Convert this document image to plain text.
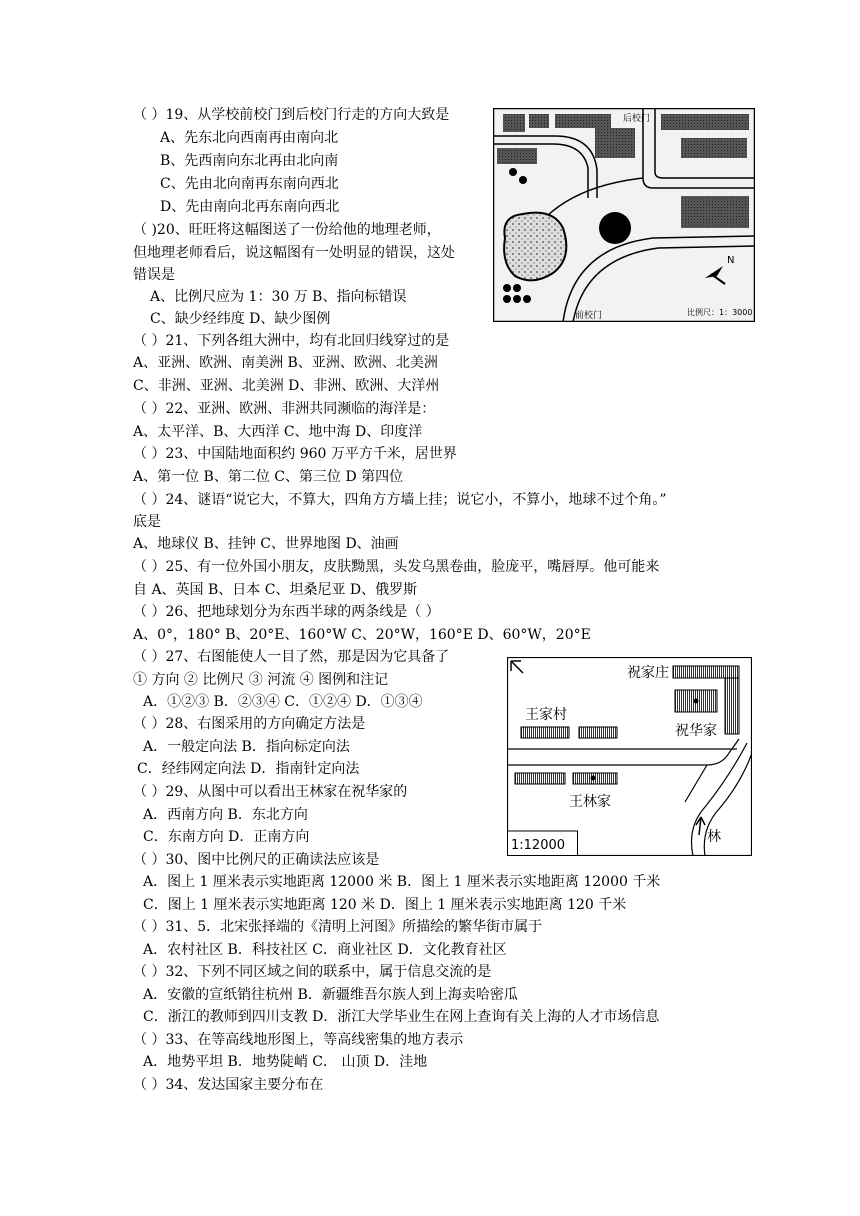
（ ）19、从学校前校门到后校门行走的方向大致是
A、先东北向西南再由南向北
B、先西南向东北再由北向南
C、先由北向南再东南向西北
D、先由南向北再东南向西北
（ )20、旺旺将这幅图送了一份给他的地理老师，
但地理老师看后，说这幅图有一处明显的错误，这处
错误是
A、比例尺应为 1：30 万 B、指向标错误
C、缺少经纬度 D、缺少图例
（ ）21、下列各组大洲中，均有北回归线穿过的是
A、亚洲、欧洲、南美洲 B、亚洲、欧洲、北美洲
C、非洲、亚洲、北美洲 D、非洲、欧洲、大洋州
（ ）22、亚洲、欧洲、非洲共同濒临的海洋是：
A、太平洋、B、大西洋 C、地中海 D、印度洋
（ ）23、中国陆地面积约 960 万平方千米，居世界
A、第一位 B、第二位 C、第三位 D 第四位
（ ）24、谜语“说它大，不算大，四角方方墙上挂；说它小，不算小，地球不过个角。”
底是
A、地球仪 B、挂钟 C、世界地图 D、油画
（ ）25、有一位外国小朋友，皮肤黝黑，头发乌黑卷曲，脸庞平，嘴唇厚。他可能来
自 A、英国 B、日本 C、坦桑尼亚 D、俄罗斯
（ ）26、把地球划分为东西半球的两条线是（ ）
A、0°，180° B、20°E、160°W C、20°W，160°E D、60°W，20°E
（ ）27、右图能使人一目了然，那是因为它具备了
① 方向 ② 比例尺 ③ 河流 ④ 图例和注记
A．①②③ B．②③④ C．①②④ D．①③④
（ ）28、右图采用的方向确定方法是
A．一般定向法 B．指向标定向法
C．经纬网定向法 D．指南针定向法
（ ）29、从图中可以看出王林家在祝华家的
A．西南方向 B．东北方向
C．东南方向 D．正南方向
（ ）30、图中比例尺的正确读法应该是
A．图上 1 厘米表示实地距离 12000 米 B．图上 1 厘米表示实地距离 12000 千米
C．图上 1 厘米表示实地距离 120 米 D．图上 1 厘米表示实地距离 120 千米
（ ）31、5．北宋张择端的《清明上河图》所描绘的繁华街市属于
A．农村社区 B．科技社区 C．商业社区 D．文化教育社区
（ ）32、下列不同区域之间的联系中，属于信息交流的是
A．安徽的宣纸销往杭州 B．新疆维吾尔族人到上海卖哈密瓜
C．浙江的教师到四川支教 D．浙江大学毕业生在网上查询有关上海的人才市场信息
（ ）33、在等高线地形图上，等高线密集的地方表示
A．地势平坦 B．地势陡峭 C． 山顶 D．洼地
（ ）34、发达国家主要分布在
后校门
前校门	比例尺：1：3000
N
祝家庄
王家村
祝华家
王林家
林
1:12000
